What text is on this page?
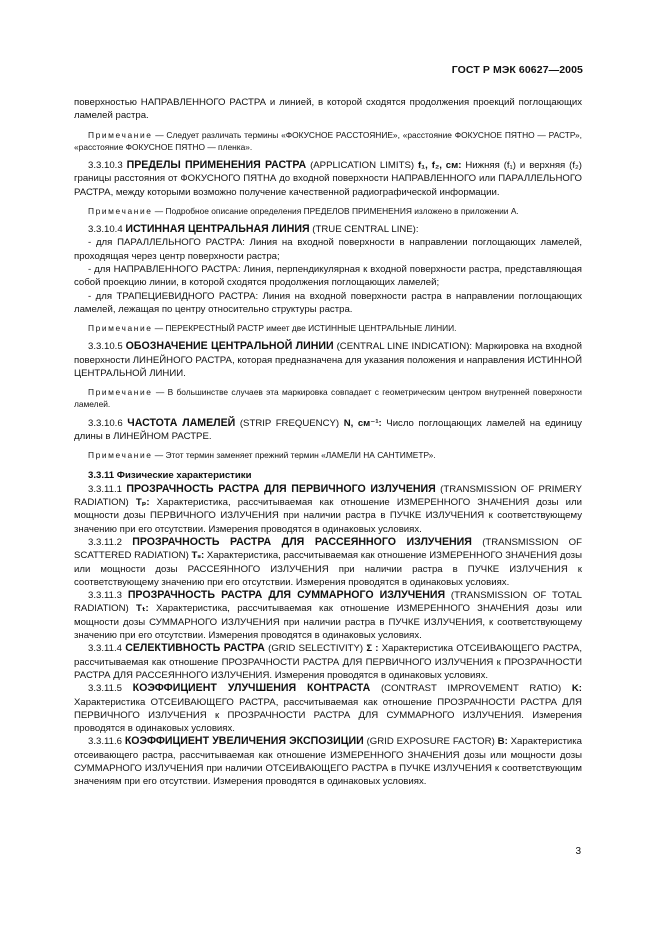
ГОСТ Р МЭК 60627—2005

поверхностью НАПРАВЛЕННОГО РАСТРА и линией, в которой сходятся продолжения проекций поглощающих ламелей растра.

Примечание — Следует различать термины «ФОКУСНОЕ РАССТОЯНИЕ», «расстояние ФОКУСНОЕ ПЯТНО — РАСТР», «расстояние ФОКУСНОЕ ПЯТНО — пленка».

3.3.10.3 ПРЕДЕЛЫ ПРИМЕНЕНИЯ РАСТРА (APPLICATION LIMITS) f₁, f₂, см: Нижняя (f₁) и верхняя (f₂) границы расстояния от ФОКУСНОГО ПЯТНА до входной поверхности НАПРАВЛЕННОГО или ПАРАЛЛЕЛЬНОГО РАСТРА, между которыми возможно получение качественной радиографической информации.

Примечание — Подробное описание определения ПРЕДЕЛОВ ПРИМЕНЕНИЯ изложено в приложении А.

3.3.10.4 ИСТИННАЯ ЦЕНТРАЛЬНАЯ ЛИНИЯ (TRUE CENTRAL LINE):

- для ПАРАЛЛЕЛЬНОГО РАСТРА: Линия на входной поверхности в направлении поглощающих ламелей, проходящая через центр поверхности растра;

- для НАПРАВЛЕННОГО РАСТРА: Линия, перпендикулярная к входной поверхности растра, представляющая собой проекцию линии, в которой сходятся продолжения поглощающих ламелей;

- для ТРАПЕЦИЕВИДНОГО РАСТРА: Линия на входной поверхности растра в направлении поглощающих ламелей, лежащая по центру относительно структуры растра.

Примечание — ПЕРЕКРЕСТНЫЙ РАСТР имеет две ИСТИННЫЕ ЦЕНТРАЛЬНЫЕ ЛИНИИ.

3.3.10.5 ОБОЗНАЧЕНИЕ ЦЕНТРАЛЬНОЙ ЛИНИИ (CENTRAL LINE INDICATION): Маркировка на входной поверхности ЛИНЕЙНОГО РАСТРА, которая предназначена для указания положения и направления ИСТИННОЙ ЦЕНТРАЛЬНОЙ ЛИНИИ.

Примечание — В большинстве случаев эта маркировка совпадает с геометрическим центром внутренней поверхности ламелей.

3.3.10.6 ЧАСТОТА ЛАМЕЛЕЙ (STRIP FREQUENCY) N, см⁻¹: Число поглощающих ламелей на единицу длины в ЛИНЕЙНОМ РАСТРЕ.

Примечание — Этот термин заменяет прежний термин «ЛАМЕЛИ НА САНТИМЕТР».

3.3.11 Физические характеристики

3.3.11.1 ПРОЗРАЧНОСТЬ РАСТРА ДЛЯ ПЕРВИЧНОГО ИЗЛУЧЕНИЯ (TRANSMISSION OF PRIMERY RADIATION) Tₚ: Характеристика, рассчитываемая как отношение ИЗМЕРЕННОГО ЗНАЧЕНИЯ дозы или мощности дозы ПЕРВИЧНОГО ИЗЛУЧЕНИЯ при наличии растра в ПУЧКЕ ИЗЛУЧЕНИЯ к соответствующему значению при его отсутствии. Измерения проводятся в одинаковых условиях.

3.3.11.2 ПРОЗРАЧНОСТЬ РАСТРА ДЛЯ РАССЕЯННОГО ИЗЛУЧЕНИЯ (TRANSMISSION OF SCATTERED RADIATION) Tₛ: Характеристика, рассчитываемая как отношение ИЗМЕРЕННОГО ЗНАЧЕНИЯ дозы или мощности дозы РАССЕЯННОГО ИЗЛУЧЕНИЯ при наличии растра в ПУЧКЕ ИЗЛУЧЕНИЯ к соответствующему значению при его отсутствии. Измерения проводятся в одинаковых условиях.

3.3.11.3 ПРОЗРАЧНОСТЬ РАСТРА ДЛЯ СУММАРНОГО ИЗЛУЧЕНИЯ (TRANSMISSION OF TOTAL RADIATION) Tₜ: Характеристика, рассчитываемая как отношение ИЗМЕРЕННОГО ЗНАЧЕНИЯ дозы или мощности дозы СУММАРНОГО ИЗЛУЧЕНИЯ при наличии растра в ПУЧКЕ ИЗЛУЧЕНИЯ, к соответствующему значению при его отсутствии. Измерения проводятся в одинаковых условиях.

3.3.11.4 СЕЛЕКТИВНОСТЬ РАСТРА (GRID SELECTIVITY) Σ : Характеристика ОТСЕИВАЮЩЕГО РАСТРА, рассчитываемая как отношение ПРОЗРАЧНОСТИ РАСТРА ДЛЯ ПЕРВИЧНОГО ИЗЛУЧЕНИЯ к ПРОЗРАЧНОСТИ РАСТРА ДЛЯ РАССЕЯННОГО ИЗЛУЧЕНИЯ. Измерения проводятся в одинаковых условиях.

3.3.11.5 КОЭФФИЦИЕНТ УЛУЧШЕНИЯ КОНТРАСТА (CONTRAST IMPROVEMENT RATIO) K: Характеристика ОТСЕИВАЮЩЕГО РАСТРА, рассчитываемая как отношение ПРОЗРАЧНОСТИ РАСТРА ДЛЯ ПЕРВИЧНОГО ИЗЛУЧЕНИЯ к ПРОЗРАЧНОСТИ РАСТРА ДЛЯ СУММАРНОГО ИЗЛУЧЕНИЯ. Измерения проводятся в одинаковых условиях.

3.3.11.6 КОЭФФИЦИЕНТ УВЕЛИЧЕНИЯ ЭКСПОЗИЦИИ (GRID EXPOSURE FACTOR) B: Характеристика отсеивающего растра, рассчитываемая как отношение ИЗМЕРЕННОГО ЗНАЧЕНИЯ дозы или мощности дозы СУММАРНОГО ИЗЛУЧЕНИЯ при наличии ОТСЕИВАЮЩЕГО РАСТРА в ПУЧКЕ ИЗЛУЧЕНИЯ к соответствующим значениям при его отсутствии. Измерения проводятся в одинаковых условиях.

3
